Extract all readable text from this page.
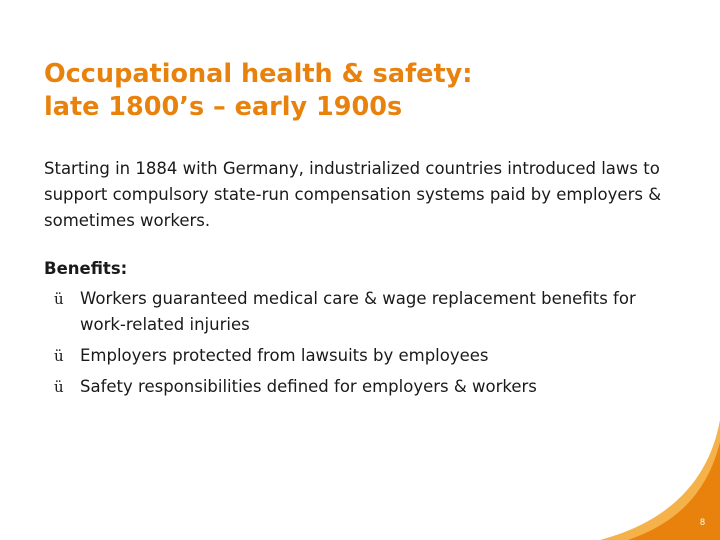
Occupational health & safety:
late 1800’s – early 1900s

Starting in 1884 with Germany, industrialized countries introduced laws to support compulsory state-run compensation systems paid by employers & sometimes workers.

Benefits:

ü Workers guaranteed medical care & wage replacement benefits for work-related injuries
ü Employers protected from lawsuits by employees
ü Safety responsibilities defined for employers & workers
8
